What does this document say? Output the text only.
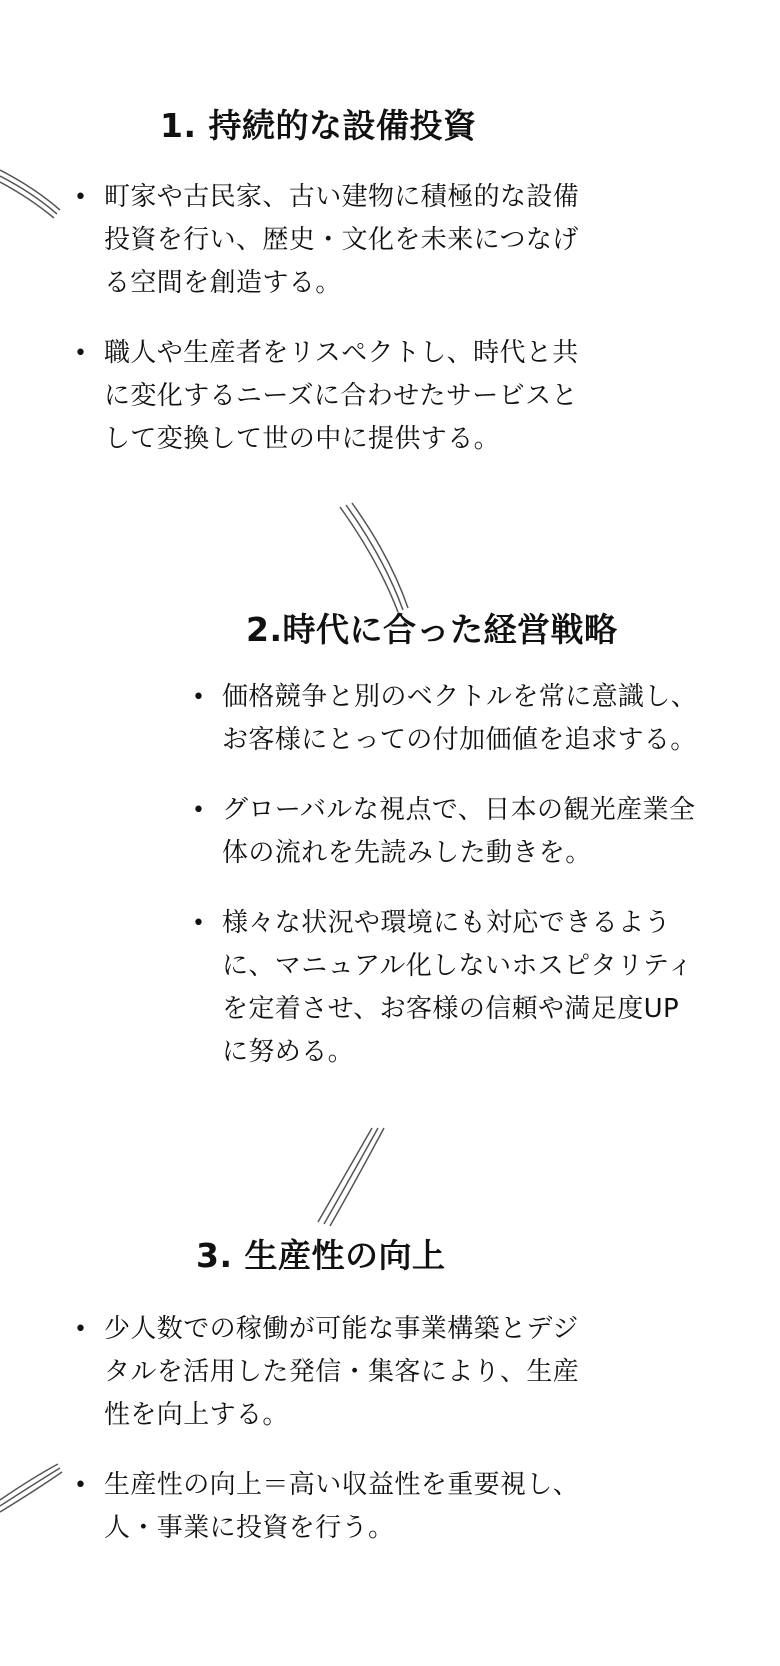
1. 持続的な設備投資
• 町家や古民家、古い建物に積極的な設備投資を行い、歴史・文化を未来につなげる空間を創造する。
• 職人や生産者をリスペクトし、時代と共に変化するニーズに合わせたサービスとして変換して世の中に提供する。
2.時代に合った経営戦略
• 価格競争と別のベクトルを常に意識し、お客様にとっての付加価値を追求する。
• グローバルな視点で、日本の観光産業全体の流れを先読みした動きを。
• 様々な状況や環境にも対応できるように、マニュアル化しないホスピタリティを定着させ、お客様の信頼や満足度UPに努める。
3. 生産性の向上
• 少人数での稼働が可能な事業構築とデジタルを活用した発信・集客により、生産性を向上する。
• 生産性の向上＝高い収益性を重要視し、人・事業に投資を行う。
